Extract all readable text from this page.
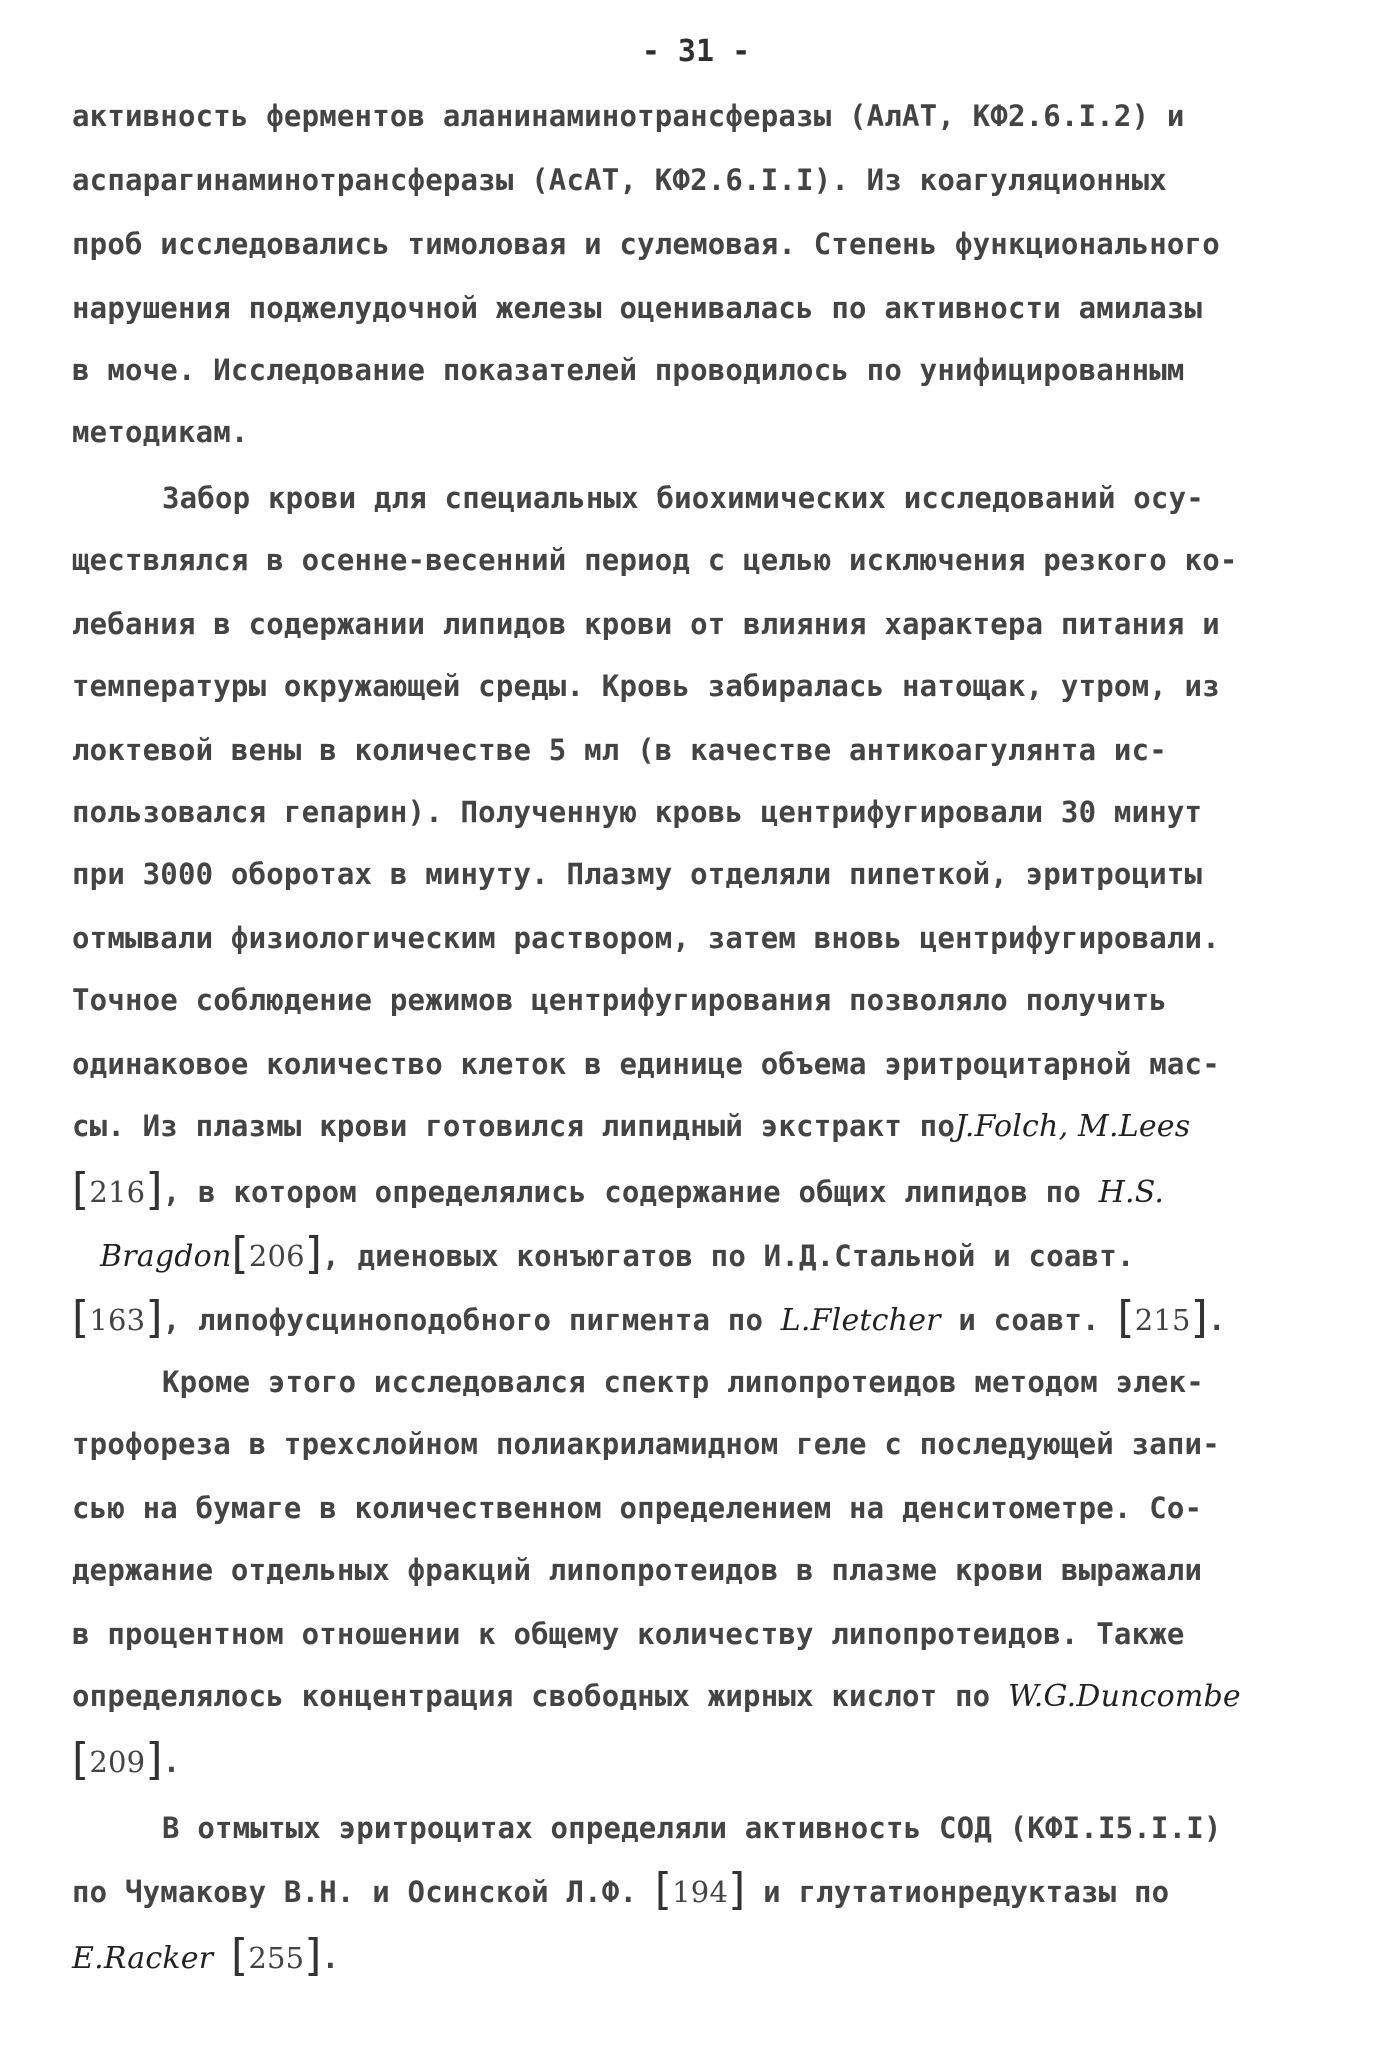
- 31 -
активность ферментов аланинаминотрансферазы (АлАТ, КФ2.6.I.2) и
аспарагинаминотрансферазы (АсАТ, КФ2.6.I.I). Из коагуляционных
проб исследовались тимоловая и сулемовая. Степень функционального
нарушения поджелудочной железы оценивалась по активности амилазы
в моче. Исследование показателей проводилось по унифицированным
методикам.
Забор крови для специальных биохимических исследований осу-
ществлялся в осенне-весенний период с целью исключения резкого ко-
лебания в содержании липидов крови от влияния характера питания и
температуры окружающей среды. Кровь забиралась натощак, утром, из
локтевой вены в количестве 5 мл (в качестве антикоагулянта ис-
пользовался гепарин). Полученную кровь центрифугировали 30 минут
при 3000 оборотах в минуту. Плазму отделяли пипеткой, эритроциты
отмывали физиологическим раствором, затем вновь центрифугировали.
Точное соблюдение режимов центрифугирования позволяло получить
одинаковое количество клеток в единице объема эритроцитарной мас-
сы. Из плазмы крови готовился липидный экстракт поJ.Folch, M.Lees
[216], в котором определялись содержание общих липидов по H.S.
Bragdon[206], диеновых конъюгатов по И.Д.Стальной и соавт.
[163], липофусциноподобного пигмента по L.Fletcher и соавт. [215].
Кроме этого исследовался спектр липопротеидов методом элек-
трофореза в трехслойном полиакриламидном геле с последующей запи-
сью на бумаге в количественном определением на денситометре. Со-
держание отдельных фракций липопротеидов в плазме крови выражали
в процентном отношении к общему количеству липопротеидов. Также
определялось концентрация свободных жирных кислот по W.G.Duncombe
[209].
В отмытых эритроцитах определяли активность СОД (КФI.I5.I.I)
по Чумакову В.Н. и Осинской Л.Ф. [194] и глутатионредуктазы по
E.Racker [255].
